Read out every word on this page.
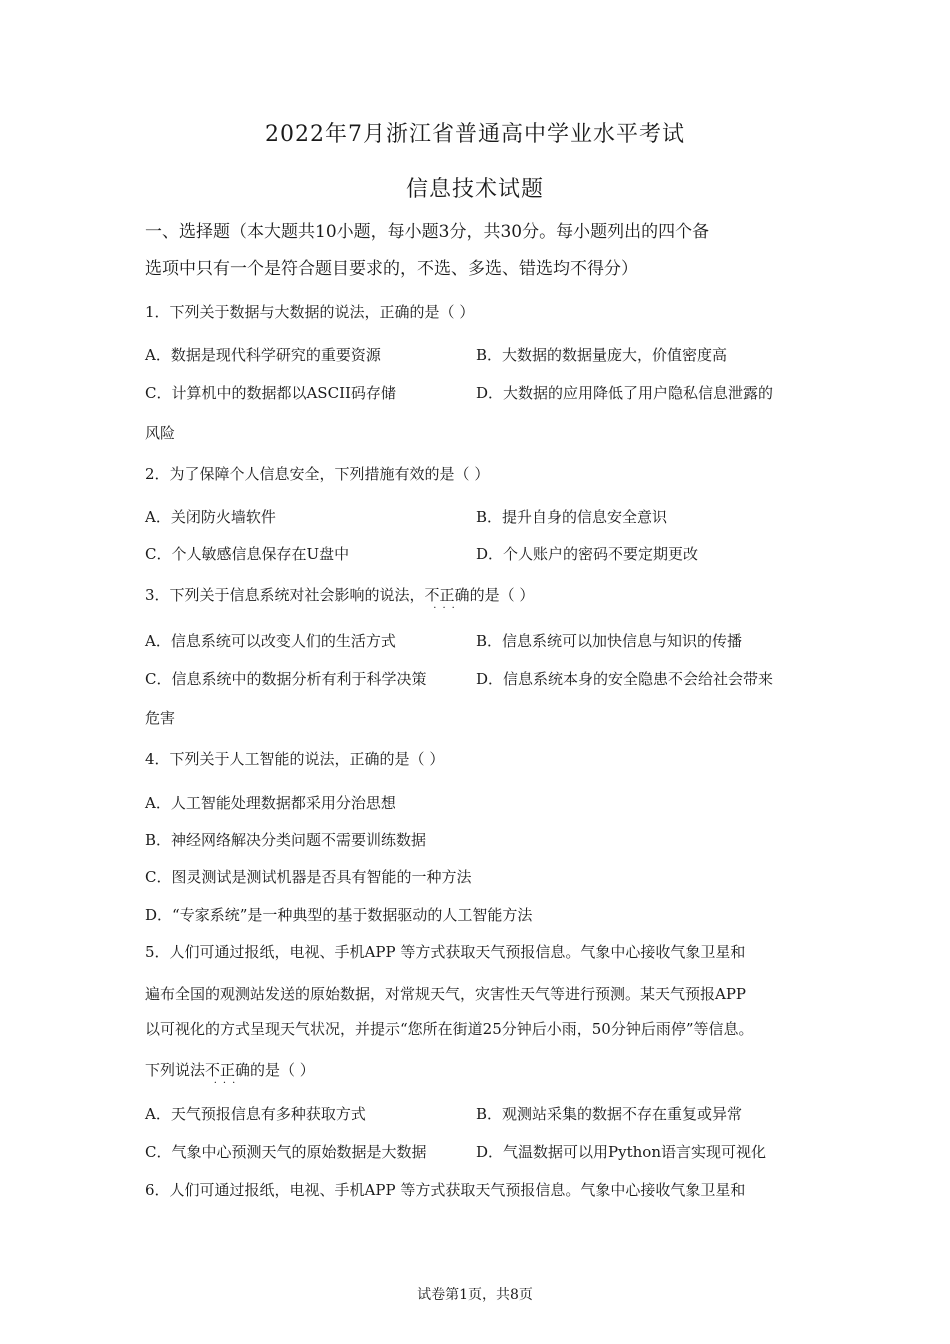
2022年7月浙江省普通高中学业水平考试
信息技术试题
一、选择题（本大题共10小题，每小题3分，共30分。每小题列出的四个备
选项中只有一个是符合题目要求的，不选、多选、错选均不得分）
1．下列关于数据与大数据的说法，正确的是（ ）
A．数据是现代科学研究的重要资源	B．大数据的数据量庞大，价值密度高
C．计算机中的数据都以ASCII码存储	D．大数据的应用降低了用户隐私信息泄露的
风险
2．为了保障个人信息安全，下列措施有效的是（ ）
A．关闭防火墙软件	B．提升自身的信息安全意识
C．个人敏感信息保存在U盘中	D．个人账户的密码不要定期更改
3．下列关于信息系统对社会影响的说法，不正确
···
的是（ ）
A．信息系统可以改变人们的生活方式	B．信息系统可以加快信息与知识的传播
C．信息系统中的数据分析有利于科学决策	D．信息系统本身的安全隐患不会给社会带来
危害
4．下列关于人工智能的说法，正确的是（ ）
A．人工智能处理数据都采用分治思想
B．神经网络解决分类问题不需要训练数据
C．图灵测试是测试机器是否具有智能的一种方法
D．“专家系统”是一种典型的基于数据驱动的人工智能方法
5．人们可通过报纸，电视、手机APP 等方式获取天气预报信息。气象中心接收气象卫星和
遍布全国的观测站发送的原始数据，对常规天气，灾害性天气等进行预测。某天气预报APP
以可视化的方式呈现天气状况，并提示“您所在街道25分钟后小雨，50分钟后雨停”等信息。
下列说法不正确
···
的是（ ）
A．天气预报信息有多种获取方式	B．观测站采集的数据不存在重复或异常
C．气象中心预测天气的原始数据是大数据	D．气温数据可以用Python语言实现可视化
6．人们可通过报纸，电视、手机APP 等方式获取天气预报信息。气象中心接收气象卫星和
试卷第1页，共8页
